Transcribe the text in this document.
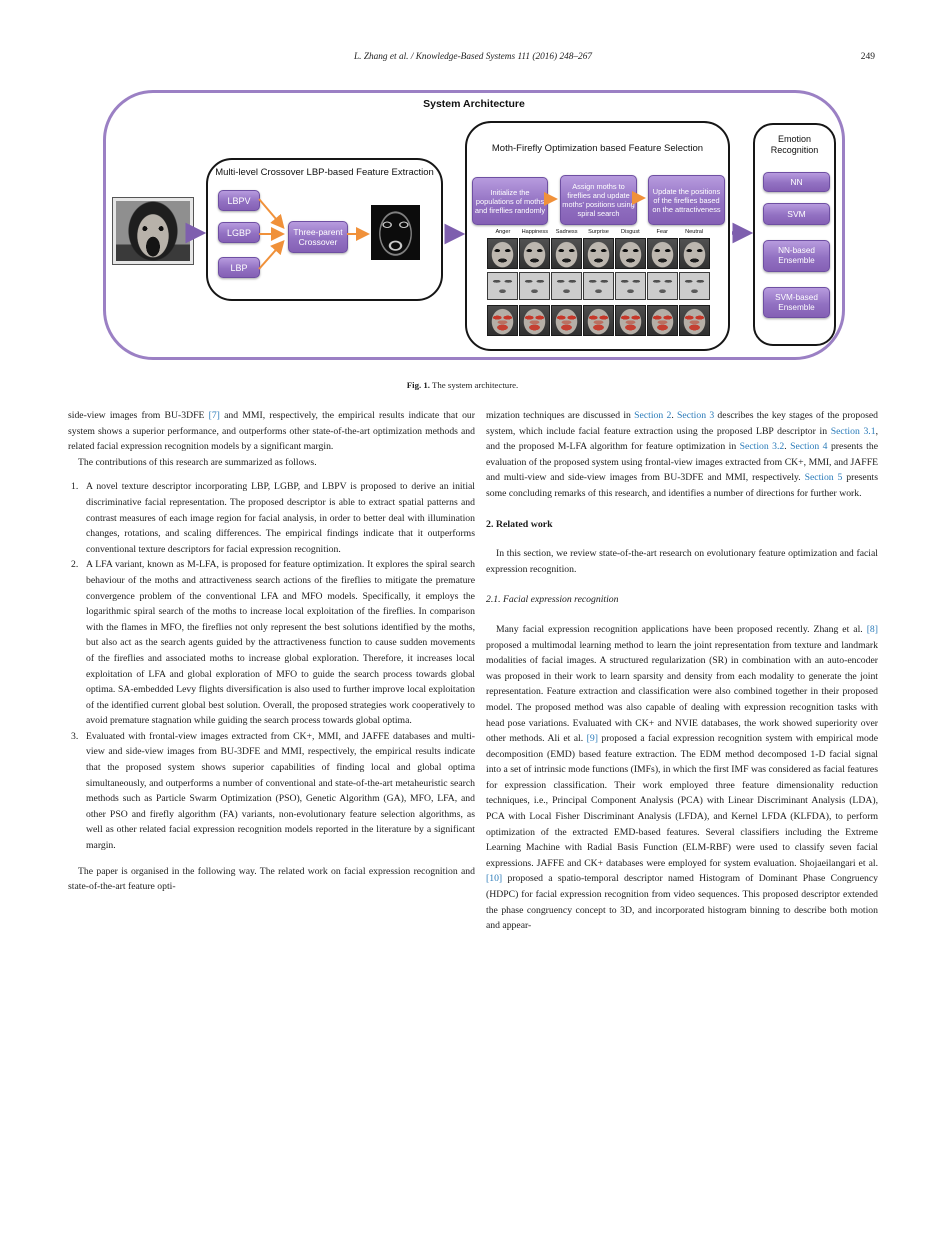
L. Zhang et al. / Knowledge-Based Systems 111 (2016) 248–267	249
System Architecture
Multi-level Crossover LBP-based Feature Extraction
LBPV
LGBP
LBP
Three-parent Crossover
Moth-Firefly Optimization based Feature Selection
Initialize the populations of moths and fireflies randomly
Assign moths to fireflies and update moths’ positions using spiral search
Update the positions of the fireflies based on the attractiveness
Anger	Happiness	Sadness	Surprise	Disgust	Fear	Neutral
Emotion Recognition
NN
SVM
NN-based Ensemble
SVM-based Ensemble
Fig. 1. The system architecture.

side-view images from BU-3DFE [7] and MMI, respectively, the empirical results indicate that our system shows a superior performance, and outperforms other state-of-the-art optimization methods and related facial expression recognition models by a significant margin.

The contributions of this research are summarized as follows.

1. A novel texture descriptor incorporating LBP, LGBP, and LBPV is proposed to derive an initial discriminative facial representation. The proposed descriptor is able to extract spatial patterns and contrast measures of each image region for facial analysis, in order to better deal with illumination changes, rotations, and scaling differences. The empirical findings indicate that it outperforms conventional texture descriptors for facial expression recognition.
2. A LFA variant, known as M-LFA, is proposed for feature optimization. It explores the spiral search behaviour of the moths and attractiveness search actions of the fireflies to mitigate the premature convergence problem of the conventional LFA and MFO models. Specifically, it employs the logarithmic spiral search of the moths to increase local exploitation of the fireflies. In comparison with the flames in MFO, the fireflies not only represent the best solutions identified by the moths, but also act as the search agents guided by the attractiveness function to cause sudden movements of the fireflies and associated moths to increase global exploration. Therefore, it increases local exploitation of LFA and global exploration of MFO to guide the search process towards global optima. SA-embedded Levy flights diversification is also used to further improve local exploitation of the identified current global best solution. Overall, the proposed strategies work cooperatively to avoid premature stagnation while guiding the search process towards global optima.
3. Evaluated with frontal-view images extracted from CK+, MMI, and JAFFE databases and multi-view and side-view images from BU-3DFE and MMI, respectively, the empirical results indicate that the proposed system shows superior capabilities of finding local and global optima simultaneously, and outperforms a number of conventional and state-of-the-art metaheuristic search methods such as Particle Swarm Optimization (PSO), Genetic Algorithm (GA), MFO, LFA, and other PSO and firefly algorithm (FA) variants, non-evolutionary feature selection algorithms, as well as other related facial expression recognition models reported in the literature by a significant margin.

The paper is organised in the following way. The related work on facial expression recognition and state-of-the-art feature opti-

mization techniques are discussed in Section 2. Section 3 describes the key stages of the proposed system, which include facial feature extraction using the proposed LBP descriptor in Section 3.1, and the proposed M-LFA algorithm for feature optimization in Section 3.2. Section 4 presents the evaluation of the proposed system using frontal-view images extracted from CK+, MMI, and JAFFE and multi-view and side-view images from BU-3DFE and MMI, respectively. Section 5 presents some concluding remarks of this research, and identifies a number of directions for further work.

2. Related work

In this section, we review state-of-the-art research on evolutionary feature optimization and facial expression recognition.

2.1. Facial expression recognition

Many facial expression recognition applications have been proposed recently. Zhang et al. [8] proposed a multimodal learning method to learn the joint representation from texture and landmark modalities of facial images. A structured regularization (SR) in combination with an auto-encoder was proposed in their work to learn sparsity and density from each modality to generate the joint representation. Feature extraction and classification were also combined together in their proposed model. The proposed method was also capable of dealing with expression recognition tasks with head pose variations. Evaluated with CK+ and NVIE databases, the work showed superiority over other methods. Ali et al. [9] proposed a facial expression recognition system with empirical mode decomposition (EMD) based feature extraction. The EDM method decomposed 1-D facial signal into a set of intrinsic mode functions (IMFs), in which the first IMF was considered as facial features for expression classification. Their work employed three feature dimensionality reduction techniques, i.e., Principal Component Analysis (PCA) with Linear Discriminant Analysis (LDA), PCA with Local Fisher Discriminant Analysis (LFDA), and Kernel LFDA (KLFDA), to perform optimization of the extracted EMD-based features. Several classifiers including the Extreme Learning Machine with Radial Basis Function (ELM-RBF) were used to classify seven facial expressions. JAFFE and CK+ databases were employed for system evaluation. Shojaeilangari et al. [10] proposed a spatio-temporal descriptor named Histogram of Dominant Phase Congruency (HDPC) for facial expression recognition from video sequences. This proposed descriptor extended the phase congruency concept to 3D, and incorporated histogram binning to describe both motion and appear-
